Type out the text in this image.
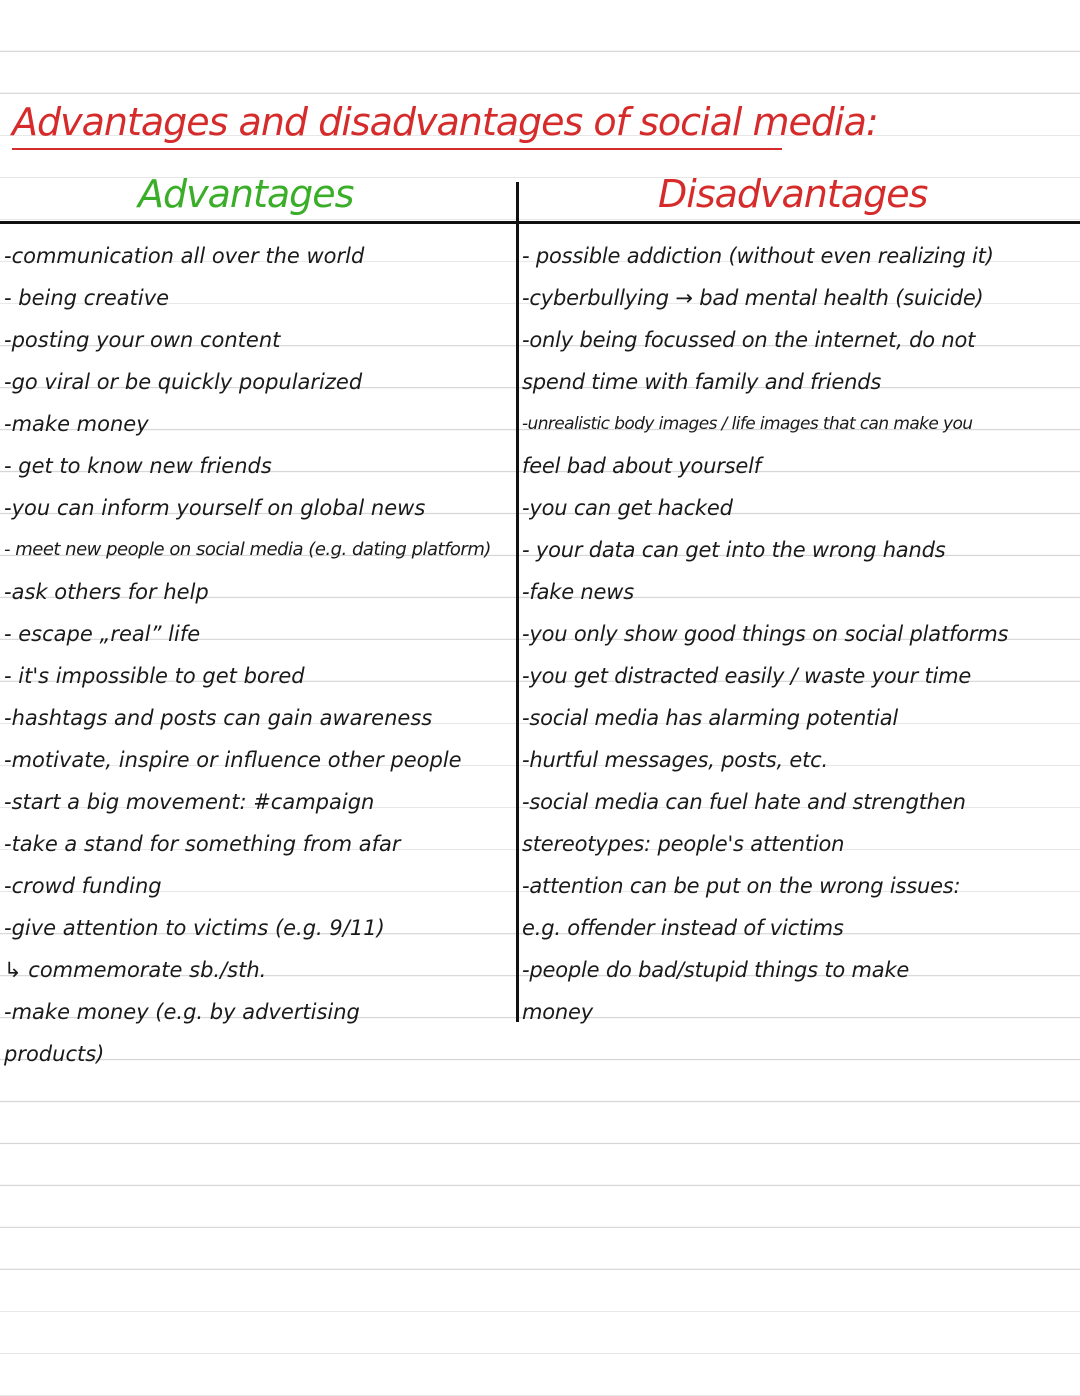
Advantages and disadvantages of social media:
Advantages	Disadvantages
-communication all over the world
- being creative
-posting your own content
-go viral or be quickly popularized
-make money
- get to know new friends
-you can inform yourself on global news
- meet new people on social media (e.g. dating platform)
-ask others for help
- escape „real” life
- it's impossible to get bored
-hashtags and posts can gain awareness
-motivate, inspire or influence other people
-start a big movement: #campaign
-take a stand for something from afar
-crowd funding
-give attention to victims (e.g. 9/11)
↳ commemorate sb./sth.
-make money (e.g. by advertising
products)
- possible addiction (without even realizing it)
-cyberbullying → bad mental health (suicide)
-only being focussed on the internet, do not
spend time with family and friends
-unrealistic body images / life images that can make you
feel bad about yourself
-you can get hacked
- your data can get into the wrong hands
-fake news
-you only show good things on social platforms
-you get distracted easily / waste your time
-social media has alarming potential
-hurtful messages, posts, etc.
-social media can fuel hate and strengthen
stereotypes: people's attention
-attention can be put on the wrong issues:
e.g. offender instead of victims
-people do bad/stupid things to make
money
